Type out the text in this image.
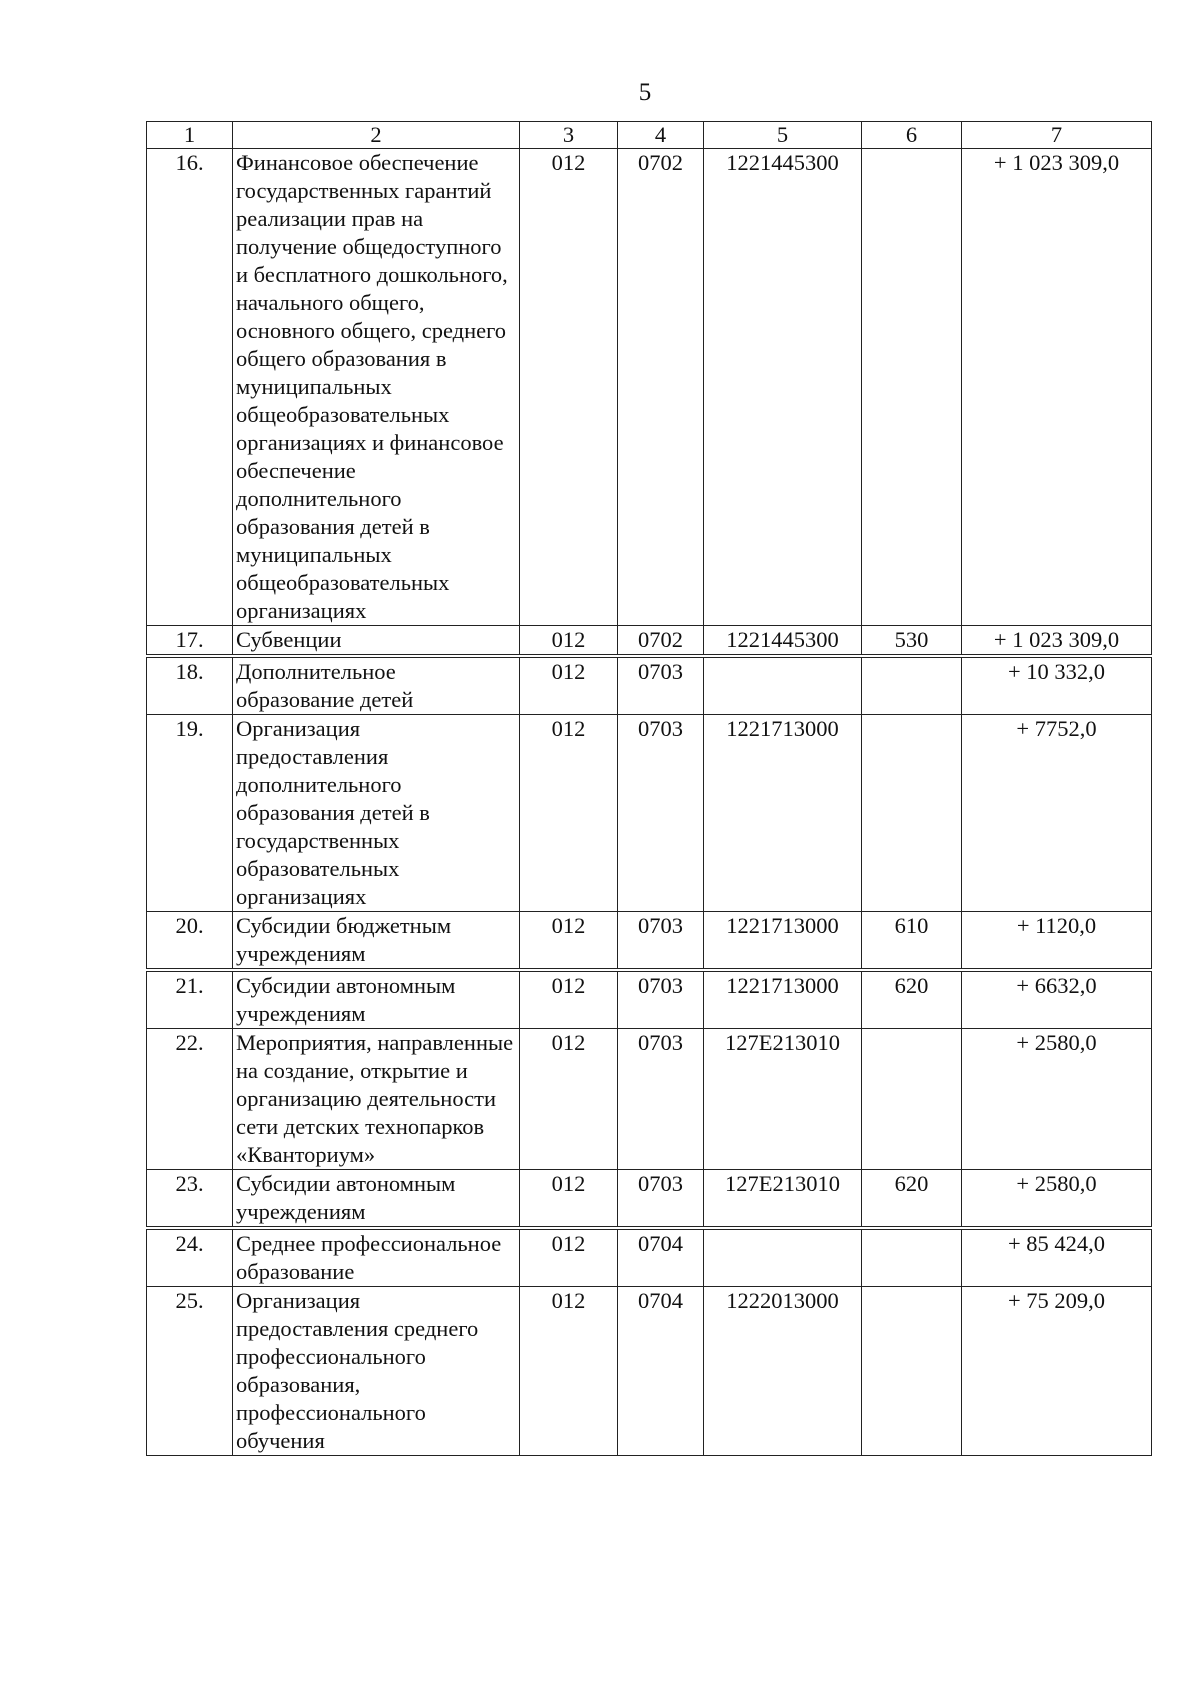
5
1	2	3	4	5	6	7
16.	Финансовое обеспечение государственных гарантий реализации прав на получение общедоступного и бесплатного дошкольного, начального общего, основного общего, среднего общего образования в муниципальных общеобразовательных организациях и финансовое обеспечение дополнительного образования детей в муниципальных общеобразовательных организациях	012	0702	1221445300		+ 1 023 309,0
17.	Субвенции	012	0702	1221445300	530	+ 1 023 309,0
18.	Дополнительное образование детей	012	0703			+ 10 332,0
19.	Организация предоставления дополнительного образования детей в государственных образовательных организациях	012	0703	1221713000		+ 7752,0
20.	Субсидии бюджетным учреждениям	012	0703	1221713000	610	+ 1120,0
21.	Субсидии автономным учреждениям	012	0703	1221713000	620	+ 6632,0
22.	Мероприятия, направленные на создание, открытие и организацию деятельности сети детских технопарков «Кванториум»	012	0703	127E213010		+ 2580,0
23.	Субсидии автономным учреждениям	012	0703	127E213010	620	+ 2580,0
24.	Среднее профессиональное образование	012	0704			+ 85 424,0
25.	Организация предоставления среднего профессионального образования, профессионального обучения	012	0704	1222013000		+ 75 209,0
